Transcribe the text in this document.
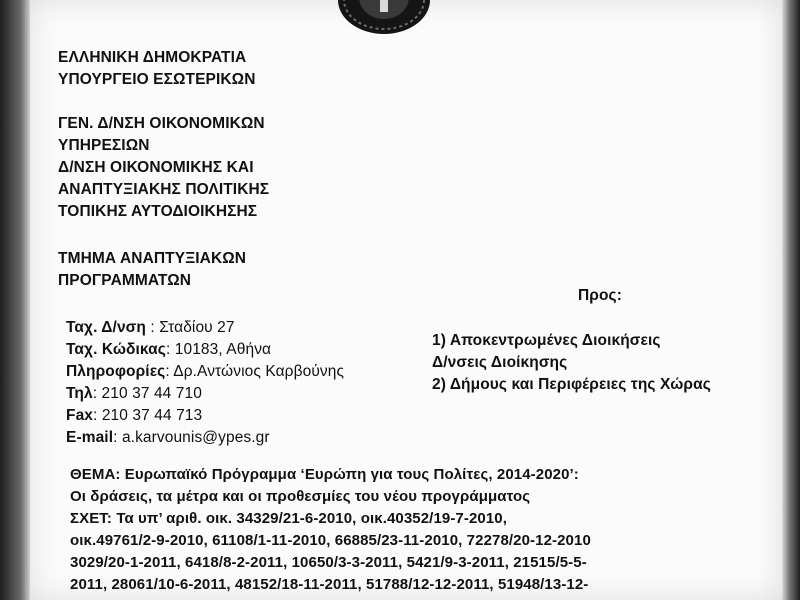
ΕΛΛΗΝΙΚΗ ΔΗΜΟΚΡΑΤΙΑ

ΥΠΟΥΡΓΕΙΟ ΕΣΩΤΕΡΙΚΩΝ

ΓΕΝ. Δ/ΝΣΗ ΟΙΚΟΝΟΜΙΚΩΝ

ΥΠΗΡΕΣΙΩΝ

Δ/ΝΣΗ ΟΙΚΟΝΟΜΙΚΗΣ ΚΑΙ

ΑΝΑΠΤΥΞΙΑΚΗΣ ΠΟΛΙΤΙΚΗΣ

ΤΟΠΙΚΗΣ ΑΥΤΟΔΙΟΙΚΗΣΗΣ

ΤΜΗΜΑ ΑΝΑΠΤΥΞΙΑΚΩΝ

ΠΡΟΓΡΑΜΜΑΤΩΝ

Ταχ. Δ/νση : Σταδίου 27

Ταχ. Κώδικας: 10183, Αθήνα

Πληροφορίες: Δρ.Αντώνιος Καρβούνης

Τηλ: 210 37 44 710

Fax: 210 37 44 713

E-mail: a.karvounis@ypes.gr

Προς:

1) Αποκεντρωμένες Διοικήσεις

Δ/νσεις Διοίκησης

2) Δήμους και Περιφέρειες της Χώρας

ΘΕΜΑ: Ευρωπαϊκό Πρόγραμμα ‘Ευρώπη για τους Πολίτες, 2014-2020’:

Οι δράσεις, τα μέτρα και οι προθεσμίες του νέου προγράμματος

ΣΧΕΤ: Τα υπ’ αριθ. οικ. 34329/21-6-2010, οικ.40352/19-7-2010,

οικ.49761/2-9-2010, 61108/1-11-2010, 66885/23-11-2010, 72278/20-12-2010

3029/20-1-2011, 6418/8-2-2011, 10650/3-3-2011, 5421/9-3-2011, 21515/5-5-

2011, 28061/10-6-2011, 48152/18-11-2011, 51788/12-12-2011, 51948/13-12-
